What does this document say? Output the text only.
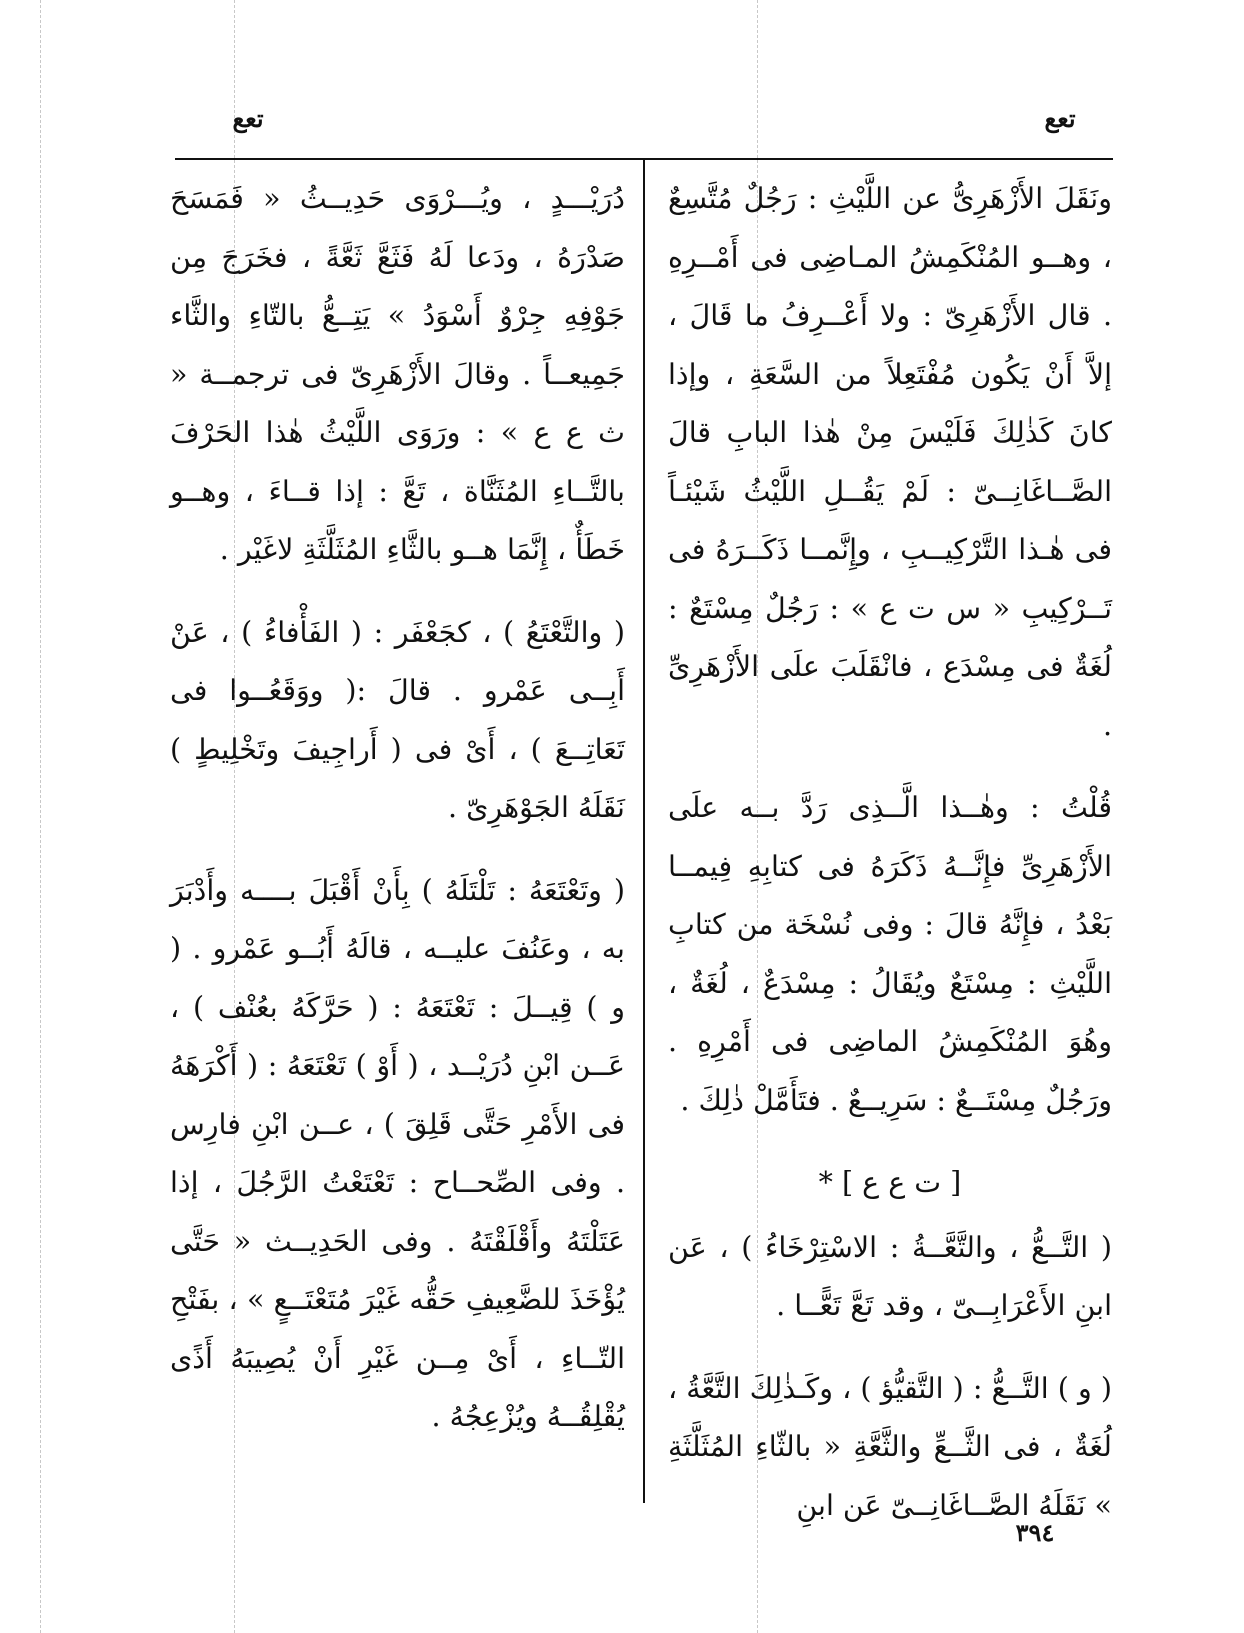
تعع
تعع

ونَقَلَ الأَزْهَرِىُّ عن اللَّيْثِ : رَجُلٌ مُتَّسِعٌ ، وهــو المُنْكَمِشُ المـاضِى فى أَمْــرِهِ . قال الأَزْهَرِىّ : ولا أَعْــرِفُ ما قَالَ ، إلاَّ أَنْ يَكُون مُفْتَعِلاً من السَّعَةِ ، وإذا كانَ كَذٰلِكَ فَلَيْسَ مِنْ هٰذا البابِ قالَ الصَّــاغَانِــىّ : لَمْ يَقُــلِ اللَّيْثُ شَيْئـاً فى هٰـذا التَّرْكِيــبِ ، وإِنَّمــا ذَكَــرَهُ فى تَــرْكِيبِ « س ت ع » : رَجُلٌ مِسْتَعٌ : لُغَةٌ فى مِسْدَع ، فانْقَلَبَ علَى الأَزْهَرِىِّ .

قُلْتُ : وهٰــذا الَّــذِى رَدَّ بــه علَى الأَزْهَرِىِّ فإِنَّــهُ ذَكَرَهُ فى كتابِهِ فِيمــا بَعْدُ ، فإِنَّهُ قالَ : وفى نُسْخَة من كتابِ اللَّيْثِ : مِسْتَعٌ ويُقَالُ : مِسْدَعٌ ، لُغَةٌ ، وهُوَ المُنْكَمِشُ الماضِى فى أَمْرِهِ . ورَجُلٌ مِسْتَــعٌ : سَرِيــعٌ . فتَأَمَّلْ ذٰلِكَ .

[ ت ع ع ] *

( التَّــعُّ ، والتَّعَّــةُ : الاسْتِرْخَاءُ ) ، عَن ابنِ الأَعْرَابِــىّ ، وقد تَعَّ تَعًّــا .

( و ) التَّــعُّ : ( التَّقيُّؤ ) ، وكَـذٰلِكَ التَّعَّةُ ، لُغَةٌ ، فى الثَّــعِّ والثَّعَّةِ « بالثّاءِ المُثَلَّثَةِ » نَقَلَهُ الصَّــاغَانِــىّ عَن ابنِ

دُرَيْـــدٍ ، ويُـــرْوَى حَدِيــثُ « فَمَسَحَ صَدْرَهُ ، ودَعا لَهُ فَثَعَّ ثَعَّةً ، فخَرَجَ مِن جَوْفِهِ جِرْوٌ أَسْوَدُ » يَتِــعُّ بالتّاءِ والثَّاء جَمِيعــاً . وقالَ الأَزْهَرِىّ فى ترجمــة « ث ع ع » : ورَوَى اللَّيْثُ هٰذا الحَرْفَ بالتَّــاءِ المُثَنَّاة ، تَعَّ : إذا قــاءَ ، وهــو خَطَأٌ ، إِنَّمَا هــو بالثَّاءِ المُثَلَّثَةِ لاغَيْر .

( والتَّعْتَعُ ) ، كجَعْفَر : ( الفَأْفاءُ ) ، عَنْ أَبِــى عَمْرو . قالَ :( ووَقَعُــوا فى تَعَاتِــعَ ) ، أَىْ فى ( أَراجِيفَ وتَخْلِيطٍ ) نَقَلَهُ الجَوْهَرِىّ .

( وتَعْتَعَهُ : تَلْتَلَهُ ) بِأَنْ أَقْبَلَ بــــه وأَدْبَرَ به ، وعَنُفَ عليــه ، قالَهُ أَبُــو عَمْرو . ( و ) قِيــلَ : تَعْتَعَهُ : ( حَرَّكَهُ بعُنْف ) ، عَــن ابْنِ دُرَيْــد ، ( أَوْ ) تَعْتَعَهُ : ( أَكْرَهَهُ فى الأَمْرِ حَتَّى قَلِقَ ) ، عــن ابْنِ فارِس . وفى الصِّحــاح : تَعْتَعْتُ الرَّجُلَ ، إذا عَتَلْتَهُ وأَقْلَقْتَهُ . وفى الحَدِيــث « حَتَّى يُؤْخَذَ للضَّعِيفِ حَقُّه غَيْرَ مُتَعْتَــعٍ » ، بفَتْحِ التّــاءِ ، أَىْ مِــن غَيْرِ أَنْ يُصِيبَهُ أَذًى يُقْلِقُــهُ ويُزْعِجُهُ .

٣٩٤
